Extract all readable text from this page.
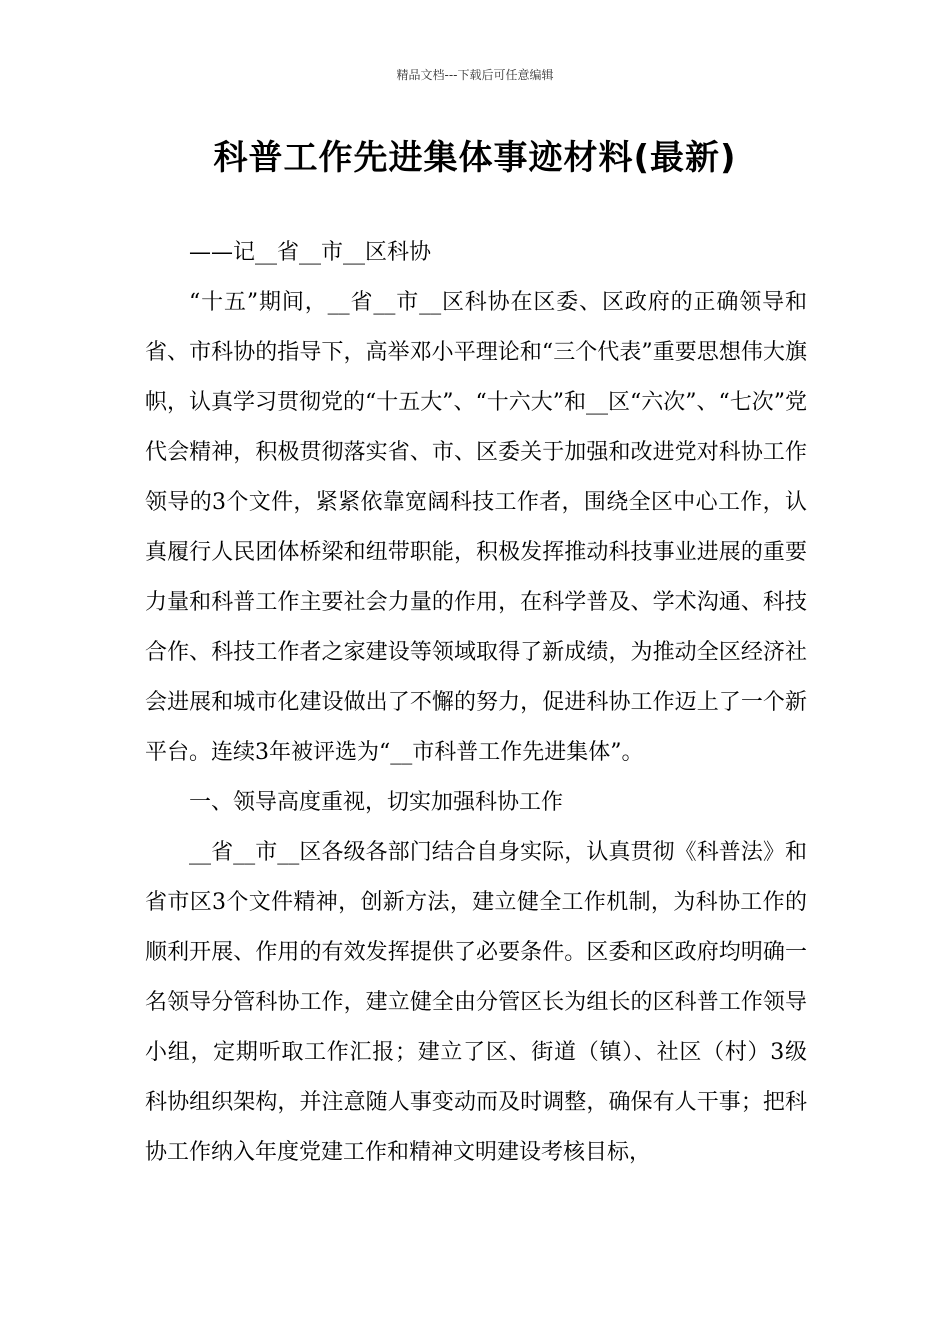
精品文档---下载后可任意编辑
科普工作先进集体事迹材料(最新)

——记__省__市__区科协

“十五”期间，__省__市__区科协在区委、区政府的正确领导和省、市科协的指导下，高举邓小平理论和“三个代表”重要思想伟大旗帜，认真学习贯彻党的“十五大”、“十六大”和__区“六次”、“七次”党代会精神，积极贯彻落实省、市、区委关于加强和改进党对科协工作领导的3个文件，紧紧依靠宽阔科技工作者，围绕全区中心工作，认真履行人民团体桥梁和纽带职能，积极发挥推动科技事业进展的重要力量和科普工作主要社会力量的作用，在科学普及、学术沟通、科技合作、科技工作者之家建设等领域取得了新成绩，为推动全区经济社会进展和城市化建设做出了不懈的努力，促进科协工作迈上了一个新平台。连续3年被评选为“__市科普工作先进集体”。

一、领导高度重视，切实加强科协工作

__省__市__区各级各部门结合自身实际，认真贯彻《科普法》和省市区3个文件精神，创新方法，建立健全工作机制，为科协工作的顺利开展、作用的有效发挥提供了必要条件。区委和区政府均明确一名领导分管科协工作，建立健全由分管区长为组长的区科普工作领导小组，定期听取工作汇报；建立了区、街道（镇）、社区（村）3级科协组织架构，并注意随人事变动而及时调整，确保有人干事；把科协工作纳入年度党建工作和精神文明建设考核目标，
